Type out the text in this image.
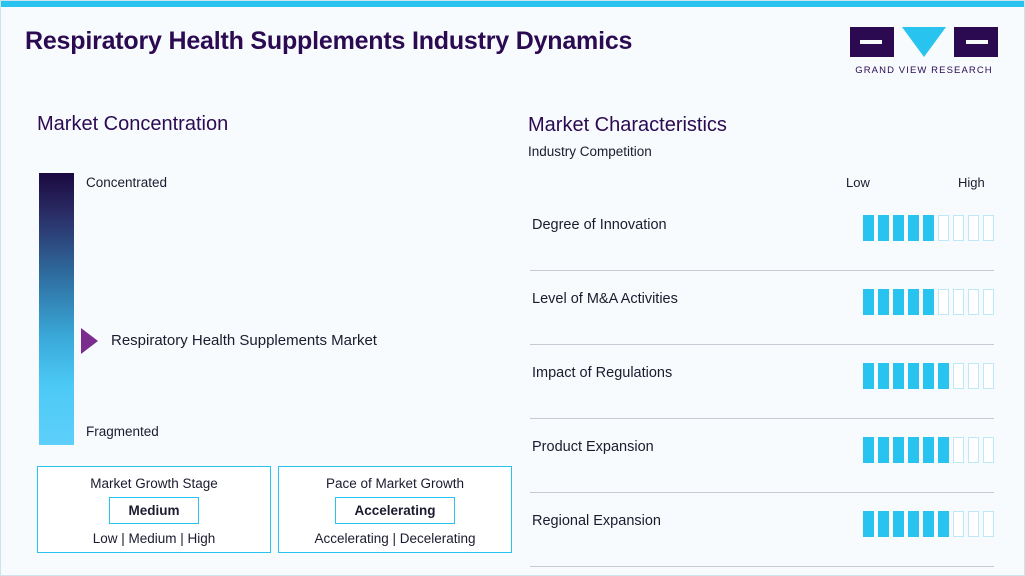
Respiratory Health Supplements Industry Dynamics
GRAND VIEW RESEARCH
Market Concentration
Concentrated
Fragmented
Respiratory Health Supplements Market
Market Growth Stage
Medium
Low | Medium | High
Pace of Market Growth
Accelerating
Accelerating | Decelerating
Market Characteristics
Industry Competition
Low	High
Degree of Innovation
Level of M&A Activities
Impact of Regulations
Product Expansion
Regional Expansion
